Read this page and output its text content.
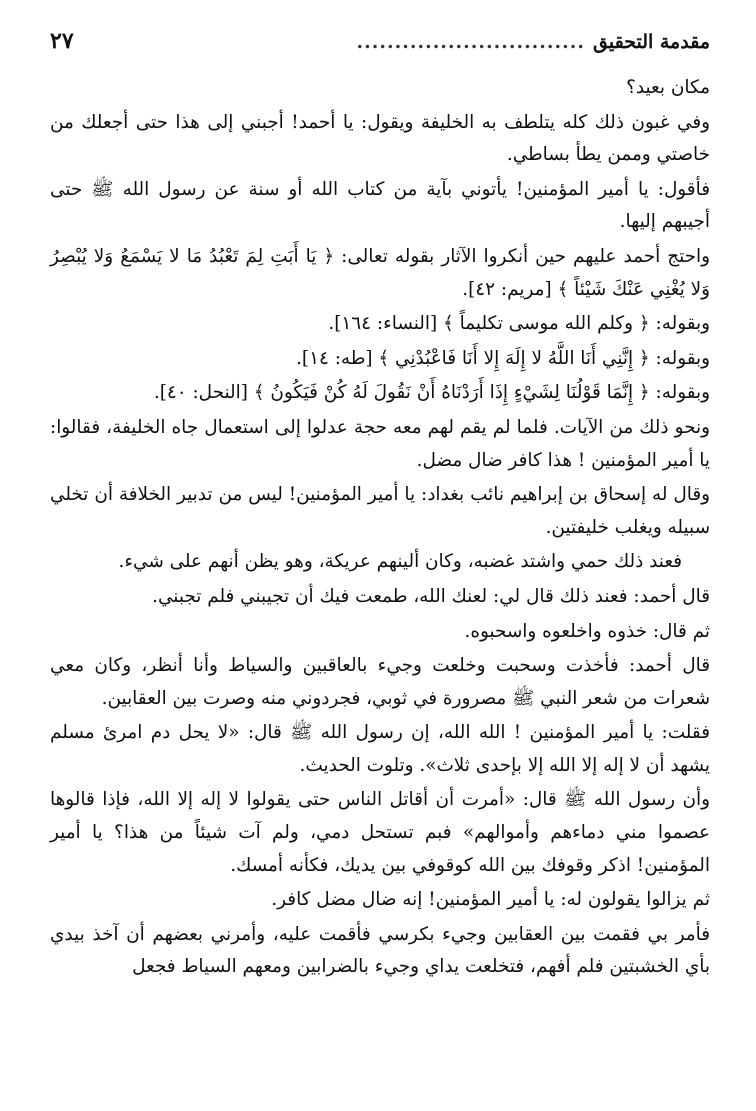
مقدمة التحقيق
..............................
٢٧

مكان بعيد؟

وفي غبون ذلك كله يتلطف به الخليفة ويقول: يا أحمد! أجبني إلى هذا حتى أجعلك من خاصتي وممن يطأ بساطي.

فأقول: يا أمير المؤمنين! يأتوني بآية من كتاب الله أو سنة عن رسول الله ﷺ حتى أجيبهم إليها.

واحتج أحمد عليهم حين أنكروا الآثار بقوله تعالى: ﴿ يَا أَبَتِ لِمَ تَعْبُدُ مَا لا يَسْمَعُ وَلا يُبْصِرُ وَلا يُغْنِي عَنْكَ شَيْئاً ﴾ [مريم: ٤٢].

وبقوله: ﴿ وكلم الله موسى تكليماً ﴾ [النساء: ١٦٤].

وبقوله: ﴿ إِنَّنِي أَنَا اللَّهُ لا إِلَهَ إِلا أَنَا فَاعْبُدْنِي ﴾ [طه: ١٤].

وبقوله: ﴿ إِنَّمَا قَوْلُنَا لِشَيْءٍ إِذَا أَرَدْنَاهُ أَنْ نَقُولَ لَهُ كُنْ فَيَكُونُ ﴾ [النحل: ٤٠].

ونحو ذلك من الآيات. فلما لم يقم لهم معه حجة عدلوا إلى استعمال جاه الخليفة، فقالوا: يا أمير المؤمنين ! هذا كافر ضال مضل.

وقال له إسحاق بن إبراهيم نائب بغداد: يا أمير المؤمنين! ليس من تدبير الخلافة أن تخلي سبيله ويغلب خليفتين.

فعند ذلك حمي واشتد غضبه، وكان ألينهم عريكة، وهو يظن أنهم على شيء.

قال أحمد: فعند ذلك قال لي: لعنك الله، طمعت فيك أن تجيبني فلم تجبني.

ثم قال: خذوه واخلعوه واسحبوه.

قال أحمد: فأخذت وسحبت وخلعت وجيء بالعاقبين والسياط وأنا أنظر، وكان معي شعرات من شعر النبي ﷺ مصرورة في ثوبي، فجردوني منه وصرت بين العقابين.

فقلت: يا أمير المؤمنين ! الله الله، إن رسول الله ﷺ قال: «لا يحل دم امرئ مسلم يشهد أن لا إله إلا الله إلا بإحدى ثلاث». وتلوت الحديث.

وأن رسول الله ﷺ قال: «أمرت أن أقاتل الناس حتى يقولوا لا إله إلا الله، فإذا قالوها عصموا مني دماءهم وأموالهم» فبم تستحل دمي، ولم آت شيئاً من هذا؟ يا أمير المؤمنين! اذكر وقوفك بين الله كوقوفي بين يديك، فكأنه أمسك.

ثم يزالوا يقولون له: يا أمير المؤمنين! إنه ضال مضل كافر.

فأمر بي فقمت بين العقابين وجيء بكرسي فأقمت عليه، وأمرني بعضهم أن آخذ بيدي بأي الخشبتين فلم أفهم، فتخلعت يداي وجيء بالضرابين ومعهم السياط فجعل
